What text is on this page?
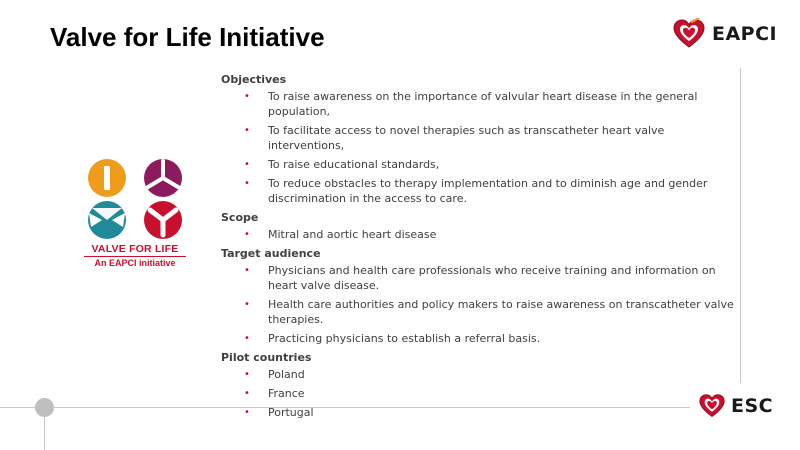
Valve for Life Initiative	EAPCI
VALVE FOR LIFE
An EAPCI initiative
Objectives
• To raise awareness on the importance of valvular heart disease in the general population,
• To facilitate access to novel therapies such as transcatheter heart valve interventions,
• To raise educational standards,
• To reduce obstacles to therapy implementation and to diminish age and gender discrimination in the access to care.
Scope
• Mitral and aortic heart disease
Target audience
• Physicians and health care professionals who receive training and information on heart valve disease.
• Health care authorities and policy makers to raise awareness on transcatheter valve therapies.
• Practicing physicians to establish a referral basis.
Pilot countries
• Poland
• France
• Portugal	ESC
